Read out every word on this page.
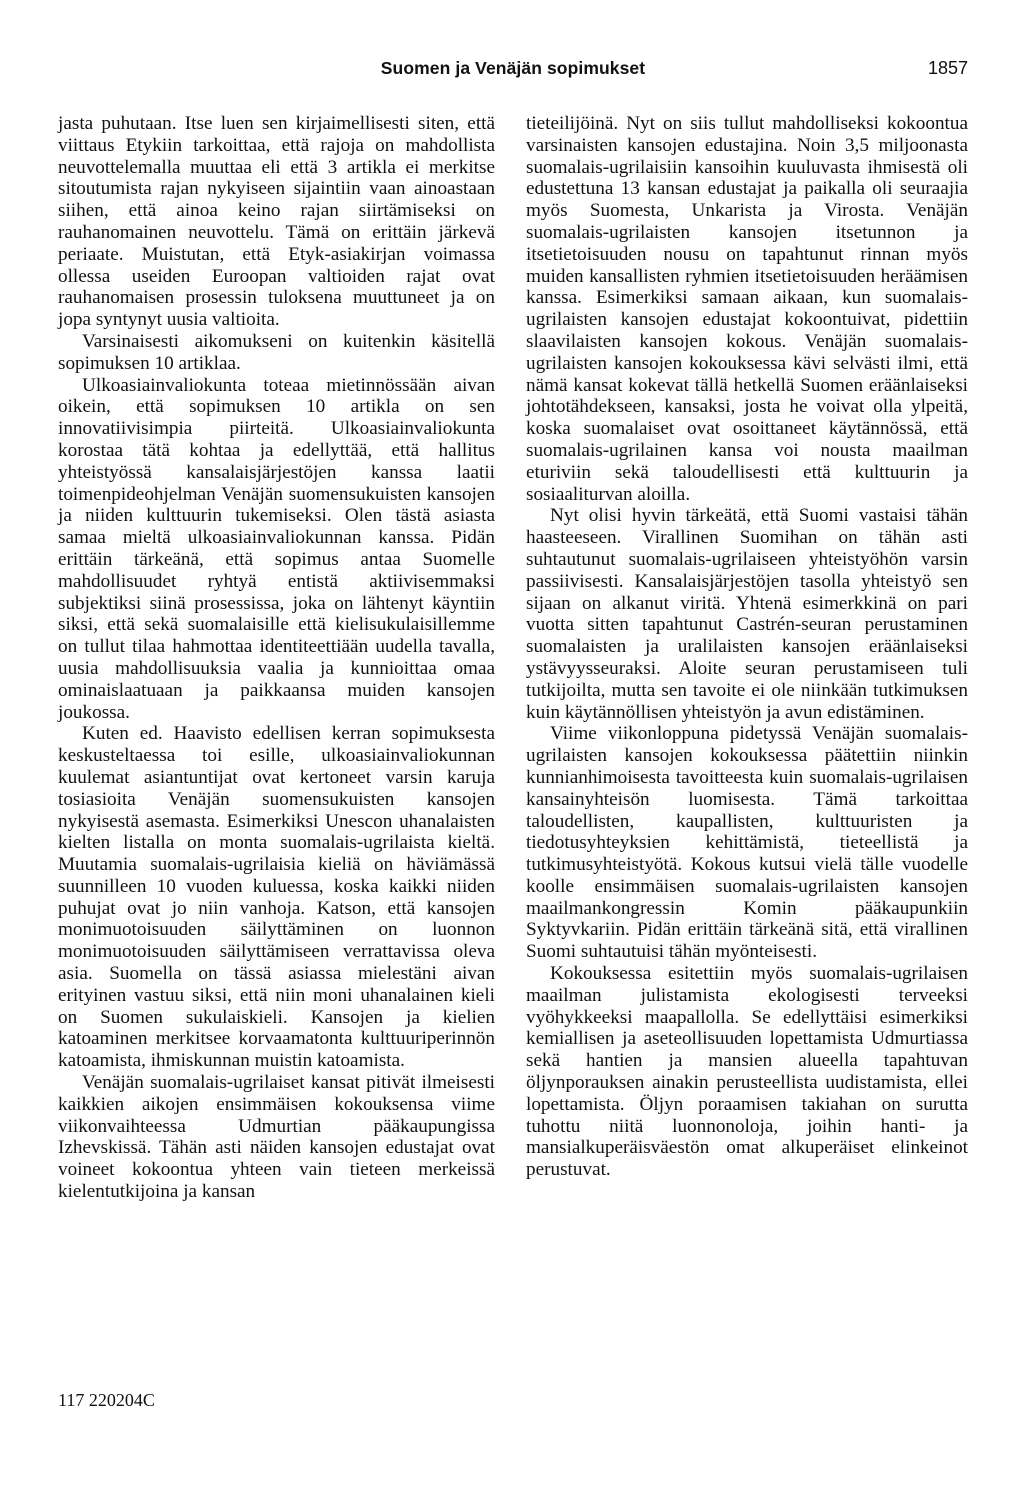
Suomen ja Venäjän sopimukset	1857

jasta puhutaan. Itse luen sen kirjaimellisesti siten, että viittaus Etykiin tarkoittaa, että rajoja on mahdollista neuvottelemalla muuttaa eli että 3 artikla ei merkitse sitoutumista rajan nykyiseen sijaintiin vaan ainoastaan siihen, että ainoa keino rajan siirtämiseksi on rauhanomainen neuvottelu. Tämä on erittäin järkevä periaate. Muistutan, että Etyk-asiakirjan voimassa ollessa useiden Euroopan valtioiden rajat ovat rauhanomaisen prosessin tuloksena muuttuneet ja on jopa syntynyt uusia valtioita.

Varsinaisesti aikomukseni on kuitenkin käsitellä sopimuksen 10 artiklaa.

Ulkoasiainvaliokunta toteaa mietinnössään aivan oikein, että sopimuksen 10 artikla on sen innovatiivisimpia piirteitä. Ulkoasiainvaliokunta korostaa tätä kohtaa ja edellyttää, että hallitus yhteistyössä kansalaisjärjestöjen kanssa laatii toimenpideohjelman Venäjän suomensukuisten kansojen ja niiden kulttuurin tukemiseksi. Olen tästä asiasta samaa mieltä ulkoasiainvaliokunnan kanssa. Pidän erittäin tärkeänä, että sopimus antaa Suomelle mahdollisuudet ryhtyä entistä aktiivisemmaksi subjektiksi siinä prosessissa, joka on lähtenyt käyntiin siksi, että sekä suomalaisille että kielisukulaisillemme on tullut tilaa hahmottaa identiteettiään uudella tavalla, uusia mahdollisuuksia vaalia ja kunnioittaa omaa ominaislaatuaan ja paikkaansa muiden kansojen joukossa.

Kuten ed. Haavisto edellisen kerran sopimuksesta keskusteltaessa toi esille, ulkoasiainvaliokunnan kuulemat asiantuntijat ovat kertoneet varsin karuja tosiasioita Venäjän suomensukuisten kansojen nykyisestä asemasta. Esimerkiksi Unescon uhanalaisten kielten listalla on monta suomalais-ugrilaista kieltä. Muutamia suomalais-ugrilaisia kieliä on häviämässä suunnilleen 10 vuoden kuluessa, koska kaikki niiden puhujat ovat jo niin vanhoja. Katson, että kansojen monimuotoisuuden säilyttäminen on luonnon monimuotoisuuden säilyttämiseen verrattavissa oleva asia. Suomella on tässä asiassa mielestäni aivan erityinen vastuu siksi, että niin moni uhanalainen kieli on Suomen sukulaiskieli. Kansojen ja kielien katoaminen merkitsee korvaamatonta kulttuuriperinnön katoamista, ihmiskunnan muistin katoamista.

Venäjän suomalais-ugrilaiset kansat pitivät ilmeisesti kaikkien aikojen ensimmäisen kokouksensa viime viikonvaihteessa Udmurtian pääkaupungissa Izhevskissä. Tähän asti näiden kansojen edustajat ovat voineet kokoontua yhteen vain tieteen merkeissä kielentutkijoina ja kansan

tieteilijöinä. Nyt on siis tullut mahdolliseksi kokoontua varsinaisten kansojen edustajina. Noin 3,5 miljoonasta suomalais-ugrilaisiin kansoihin kuuluvasta ihmisestä oli edustettuna 13 kansan edustajat ja paikalla oli seuraajia myös Suomesta, Unkarista ja Virosta. Venäjän suomalais-ugrilaisten kansojen itsetunnon ja itsetietoisuuden nousu on tapahtunut rinnan myös muiden kansallisten ryhmien itsetietoisuuden heräämisen kanssa. Esimerkiksi samaan aikaan, kun suomalais-ugrilaisten kansojen edustajat kokoontuivat, pidettiin slaavilaisten kansojen kokous. Venäjän suomalais-ugrilaisten kansojen kokouksessa kävi selvästi ilmi, että nämä kansat kokevat tällä hetkellä Suomen eräänlaiseksi johtotähdekseen, kansaksi, josta he voivat olla ylpeitä, koska suomalaiset ovat osoittaneet käytännössä, että suomalais-ugrilainen kansa voi nousta maailman eturiviin sekä taloudellisesti että kulttuurin ja sosiaaliturvan aloilla.

Nyt olisi hyvin tärkeätä, että Suomi vastaisi tähän haasteeseen. Virallinen Suomihan on tähän asti suhtautunut suomalais-ugrilaiseen yhteistyöhön varsin passiivisesti. Kansalaisjärjestöjen tasolla yhteistyö sen sijaan on alkanut viritä. Yhtenä esimerkkinä on pari vuotta sitten tapahtunut Castrén-seuran perustaminen suomalaisten ja uralilaisten kansojen eräänlaiseksi ystävyysseuraksi. Aloite seuran perustamiseen tuli tutkijoilta, mutta sen tavoite ei ole niinkään tutkimuksen kuin käytännöllisen yhteistyön ja avun edistäminen.

Viime viikonloppuna pidetyssä Venäjän suomalais-ugrilaisten kansojen kokouksessa päätettiin niinkin kunnianhimoisesta tavoitteesta kuin suomalais-ugrilaisen kansainyhteisön luomisesta. Tämä tarkoittaa taloudellisten, kaupallisten, kulttuuristen ja tiedotusyhteyksien kehittämistä, tieteellistä ja tutkimusyhteistyötä. Kokous kutsui vielä tälle vuodelle koolle ensimmäisen suomalais-ugrilaisten kansojen maailmankongressin Komin pääkaupunkiin Syktyvkariin. Pidän erittäin tärkeänä sitä, että virallinen Suomi suhtautuisi tähän myönteisesti.

Kokouksessa esitettiin myös suomalais-ugrilaisen maailman julistamista ekologisesti terveeksi vyöhykkeeksi maapallolla. Se edellyttäisi esimerkiksi kemiallisen ja aseteollisuuden lopettamista Udmurtiassa sekä hantien ja mansien alueella tapahtuvan öljynporauksen ainakin perusteellista uudistamista, ellei lopettamista. Öljyn poraamisen takiahan on surutta tuhottu niitä luonnonoloja, joihin hanti- ja mansialkuperäisväestön omat alkuperäiset elinkeinot perustuvat.

117 220204C
